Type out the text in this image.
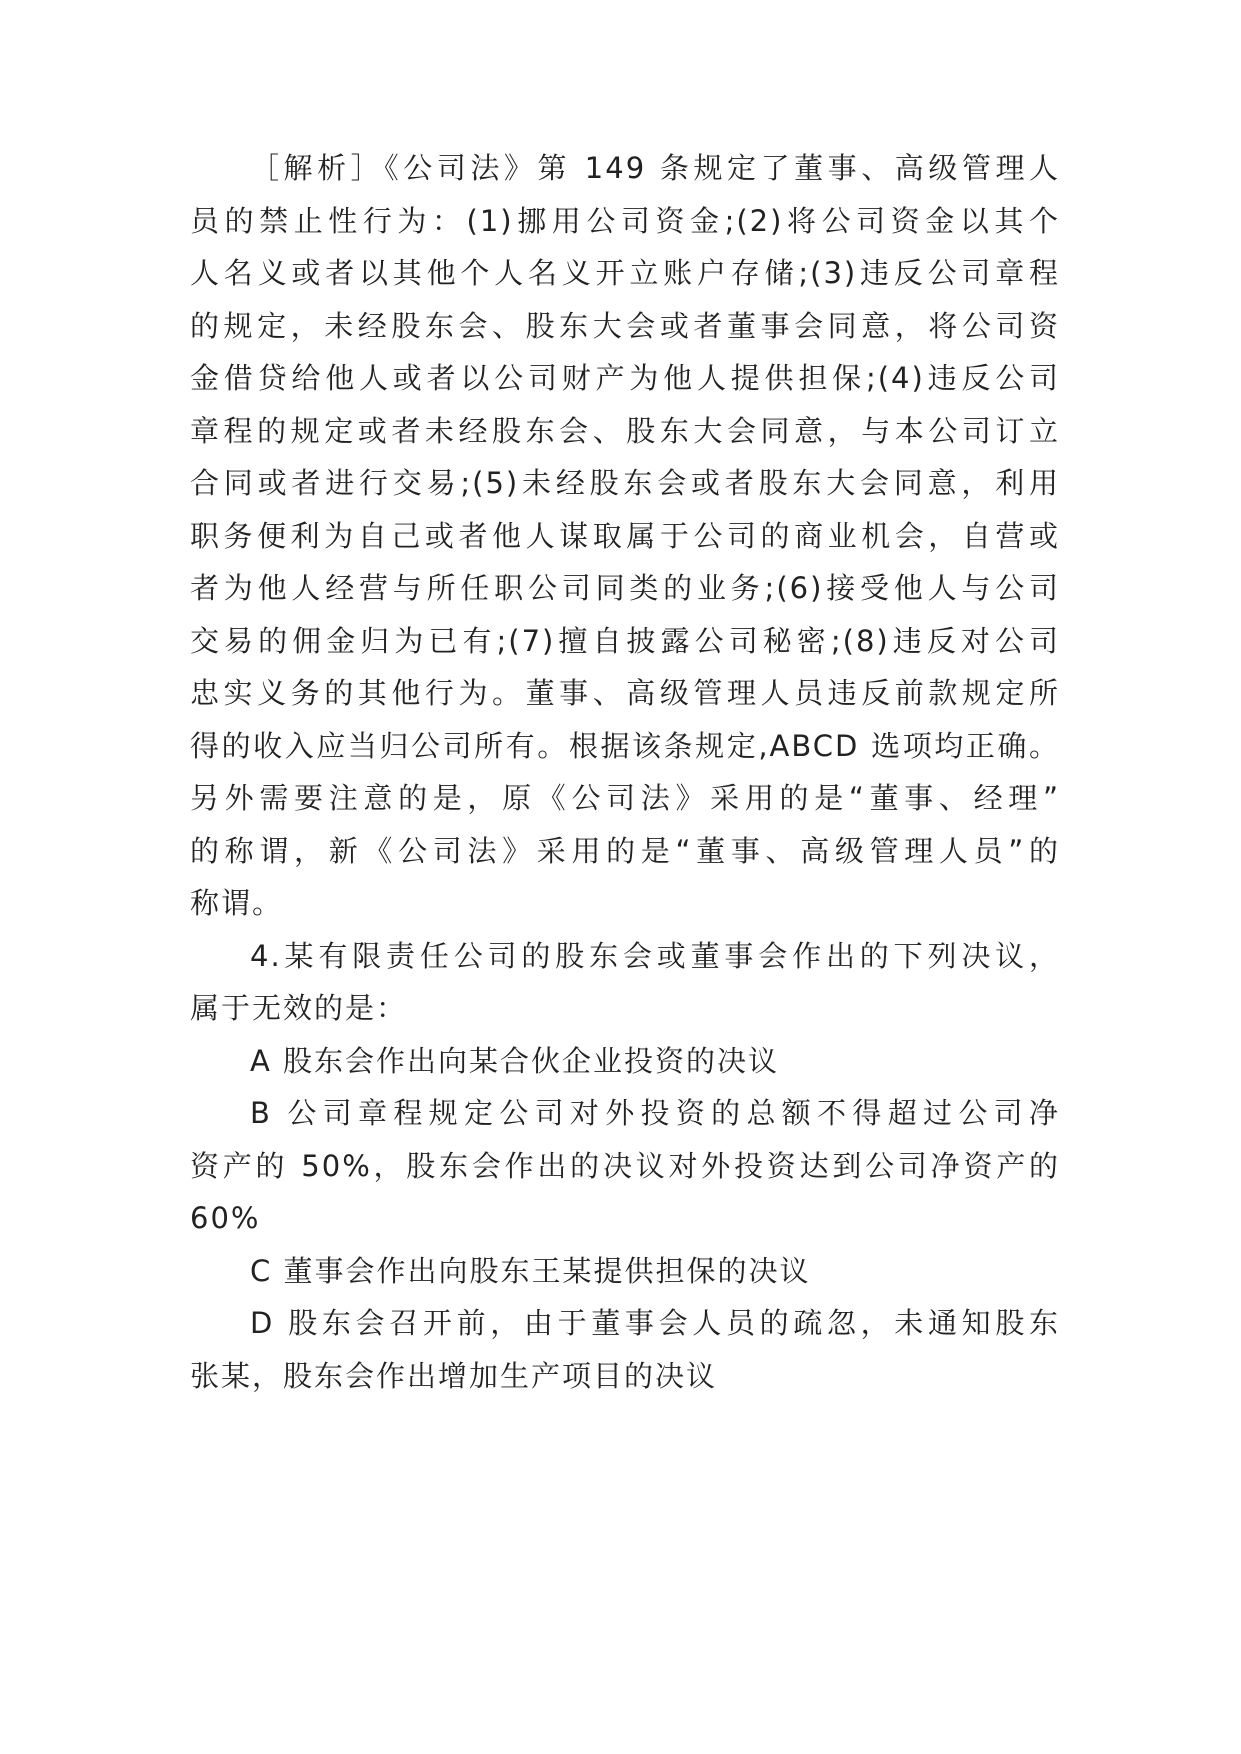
［解析］《公司法》第 149 条规定了董事、高级管理人
员的禁止性行为：(1)挪用公司资金;(2)将公司资金以其个
人名义或者以其他个人名义开立账户存储;(3)违反公司章程
的规定，未经股东会、股东大会或者董事会同意，将公司资
金借贷给他人或者以公司财产为他人提供担保;(4)违反公司
章程的规定或者未经股东会、股东大会同意，与本公司订立
合同或者进行交易;(5)未经股东会或者股东大会同意，利用
职务便利为自己或者他人谋取属于公司的商业机会，自营或
者为他人经营与所任职公司同类的业务;(6)接受他人与公司
交易的佣金归为已有;(7)擅自披露公司秘密;(8)违反对公司
忠实义务的其他行为。董事、高级管理人员违反前款规定所
得的收入应当归公司所有。根据该条规定,ABCD 选项均正确。
另外需要注意的是，原《公司法》采用的是“董事、经理”
的称谓，新《公司法》采用的是“董事、高级管理人员”的
称谓。
4.某有限责任公司的股东会或董事会作出的下列决议，
属于无效的是：
A 股东会作出向某合伙企业投资的决议
B 公司章程规定公司对外投资的总额不得超过公司净
资产的 50%，股东会作出的决议对外投资达到公司净资产的
60%
C 董事会作出向股东王某提供担保的决议
D 股东会召开前，由于董事会人员的疏忽，未通知股东
张某，股东会作出增加生产项目的决议
